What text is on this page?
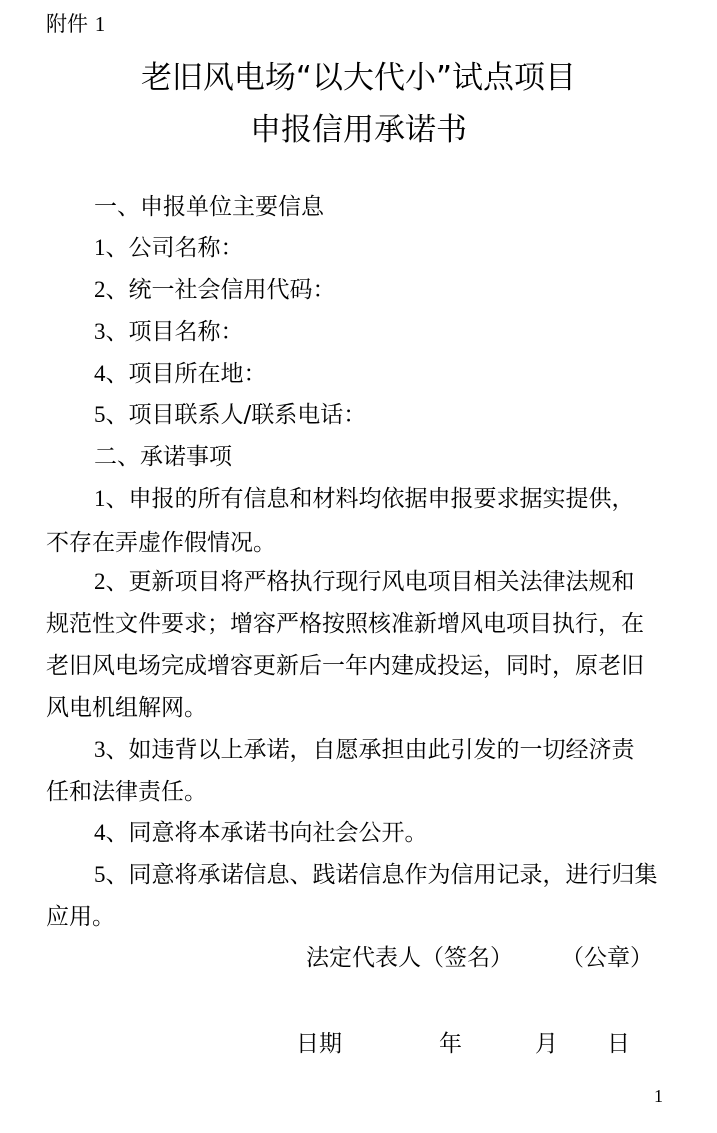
附件 1
老旧风电场“以大代小”试点项目
申报信用承诺书
一、申报单位主要信息
1、公司名称：
2、统一社会信用代码：
3、项目名称：
4、项目所在地：
5、项目联系人/联系电话：
二、承诺事项
1、申报的所有信息和材料均依据申报要求据实提供，
不存在弄虚作假情况。
2、更新项目将严格执行现行风电项目相关法律法规和
规范性文件要求；增容严格按照核准新增风电项目执行，在
老旧风电场完成增容更新后一年内建成投运，同时，原老旧
风电机组解网。
3、如违背以上承诺，自愿承担由此引发的一切经济责
任和法律责任。
4、同意将本承诺书向社会公开。
5、同意将承诺信息、践诺信息作为信用记录，进行归集
应用。
法定代表人（签名） （公章）
日期	年	月 日
1
